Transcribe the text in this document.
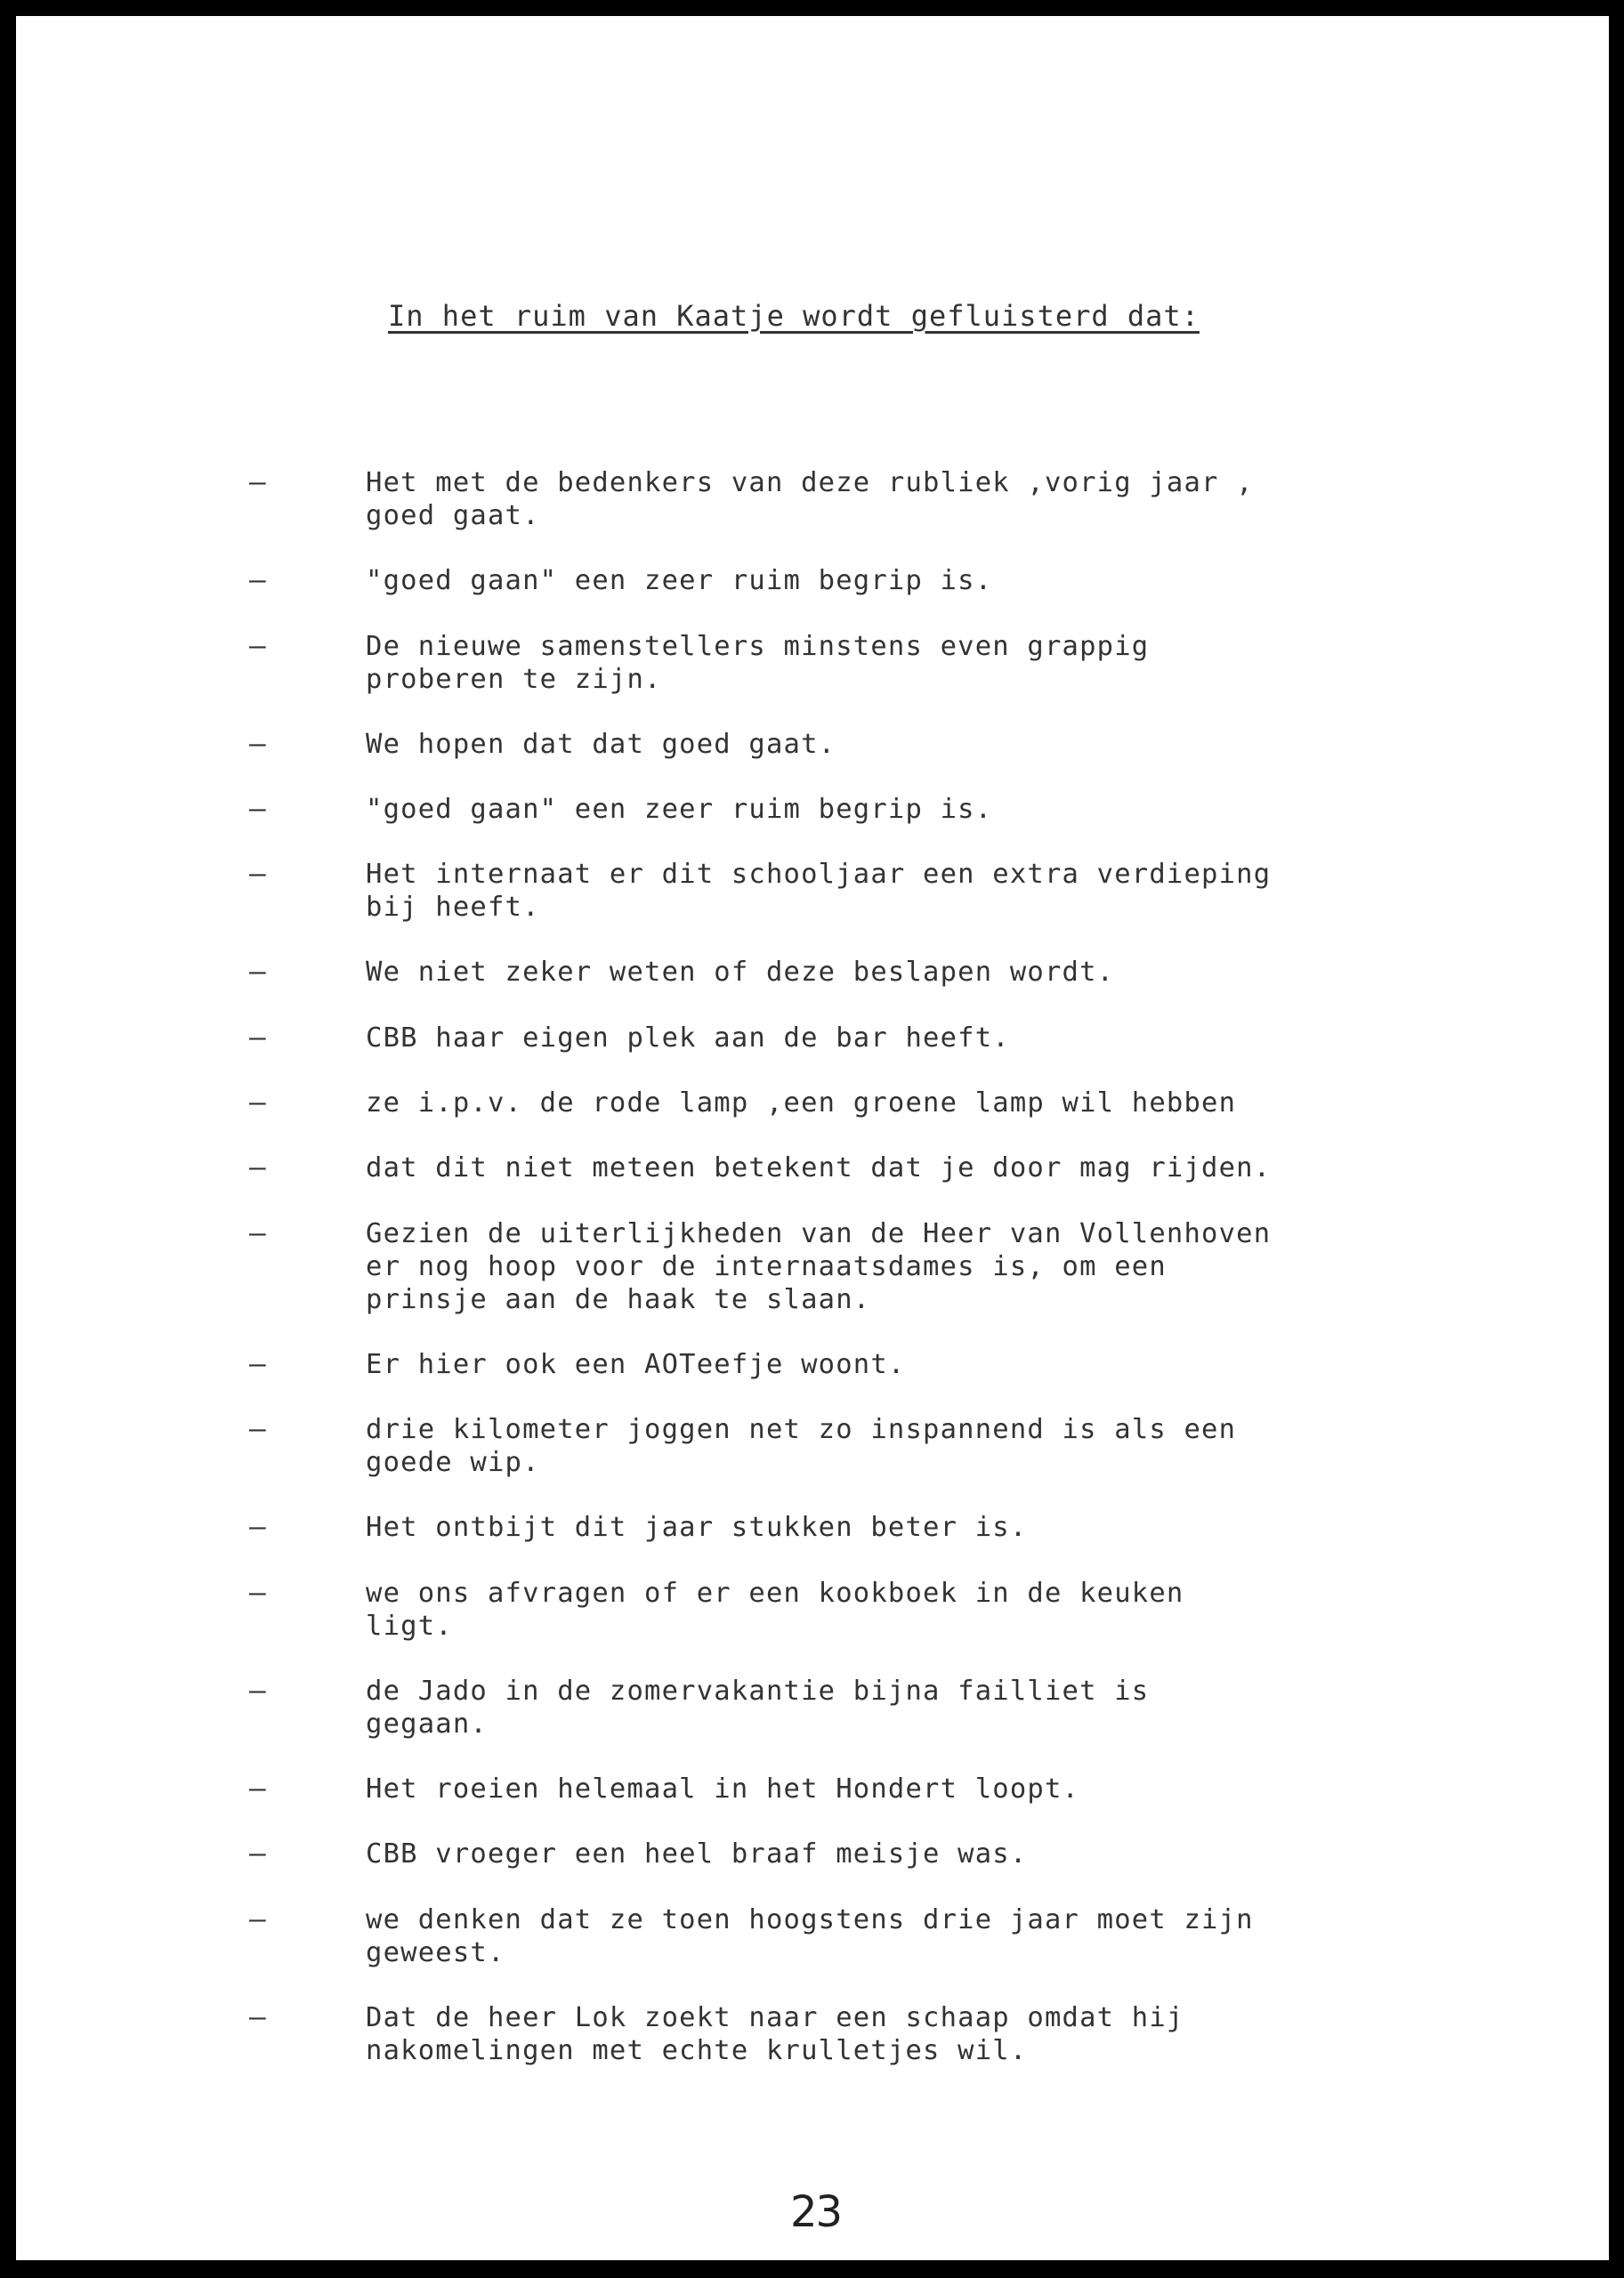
In het ruim van Kaatje wordt gefluisterd dat:
–	Het met de bedenkers van deze rubliek ,vorig jaar ,
goed gaat.
–	"goed gaan" een zeer ruim begrip is.
–	De nieuwe samenstellers minstens even grappig
proberen te zijn.
–	We hopen dat dat goed gaat.
–	"goed gaan" een zeer ruim begrip is.
–	Het internaat er dit schooljaar een extra verdieping
bij heeft.
–	We niet zeker weten of deze beslapen wordt.
–	CBB haar eigen plek aan de bar heeft.
–	ze i.p.v. de rode lamp ,een groene lamp wil hebben
–	dat dit niet meteen betekent dat je door mag rijden.
–	Gezien de uiterlijkheden van de Heer van Vollenhoven
er nog hoop voor de internaatsdames is, om een
prinsje aan de haak te slaan.
–	Er hier ook een AOTeefje woont.
–	drie kilometer joggen net zo inspannend is als een
goede wip.
–	Het ontbijt dit jaar stukken beter is.
–	we ons afvragen of er een kookboek in de keuken
ligt.
–	de Jado in de zomervakantie bijna failliet is
gegaan.
–	Het roeien helemaal in het Hondert loopt.
–	CBB vroeger een heel braaf meisje was.
–	we denken dat ze toen hoogstens drie jaar moet zijn
geweest.
–	Dat de heer Lok zoekt naar een schaap omdat hij
nakomelingen met echte krulletjes wil.
23
